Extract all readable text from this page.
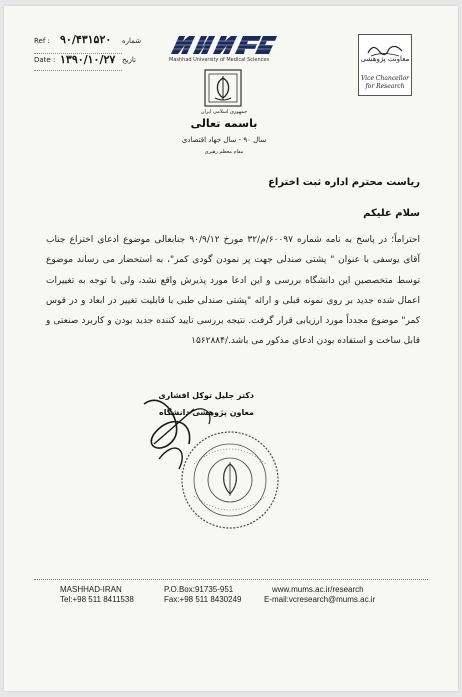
Ref : ۹۰/۴۳۱۵۲۰ شماره
Date : ۱۳۹۰/۱۰/۲۷ تاریخ	Mashhad University of Medical Sciences
جمهوری اسلامی ایران
معاونت پژوهشی
Vice Chancellor
for Research
باسمه تعالی
سال ۹۰ - سال جهاد اقتصادی
مقام معظم رهبری
ریاست محترم اداره ثبت اختراع
سلام علیکم
احتراماً؛ در پاسخ به نامه شماره ۶۰۰۹۷/م/۳۲ مورخ ۹۰/۹/۱۲ جنابعالی موضوع ادعای اختراع جناب آقای یوسفی با عنوان " پشتی صندلی جهت پر نمودن گودی کمر"، به استحضار می رساند موضوع توسط متخصصین این دانشگاه بررسی و این ادعا مورد پذیرش واقع نشد، ولی با توجه به تغییرات اعمال شده جدید بر روی نمونه قبلی و ارائه "پشتی صندلی طبی با قابلیت تغییر در ابعاد و در قوس کمر" موضوع مجدداً مورد ارزیابی قرار گرفت. نتیجه بررسی تایید کننده جدید بودن و کاربرد صنعتی و قابل ساخت و استفاده بودن ادعای مذکور می باشد./۱۵۶۲۸۸۴
دکتر جلیل توکل افشاری
معاون پژوهشی دانشگاه
MASHHAD-IRAN
Tel:+98 511 8411538
P.O.Box:91735-951
Fax:+98 511 8430249
www.mums.ac.ir/research
E-mail:vcresearch@mums.ac.ir
